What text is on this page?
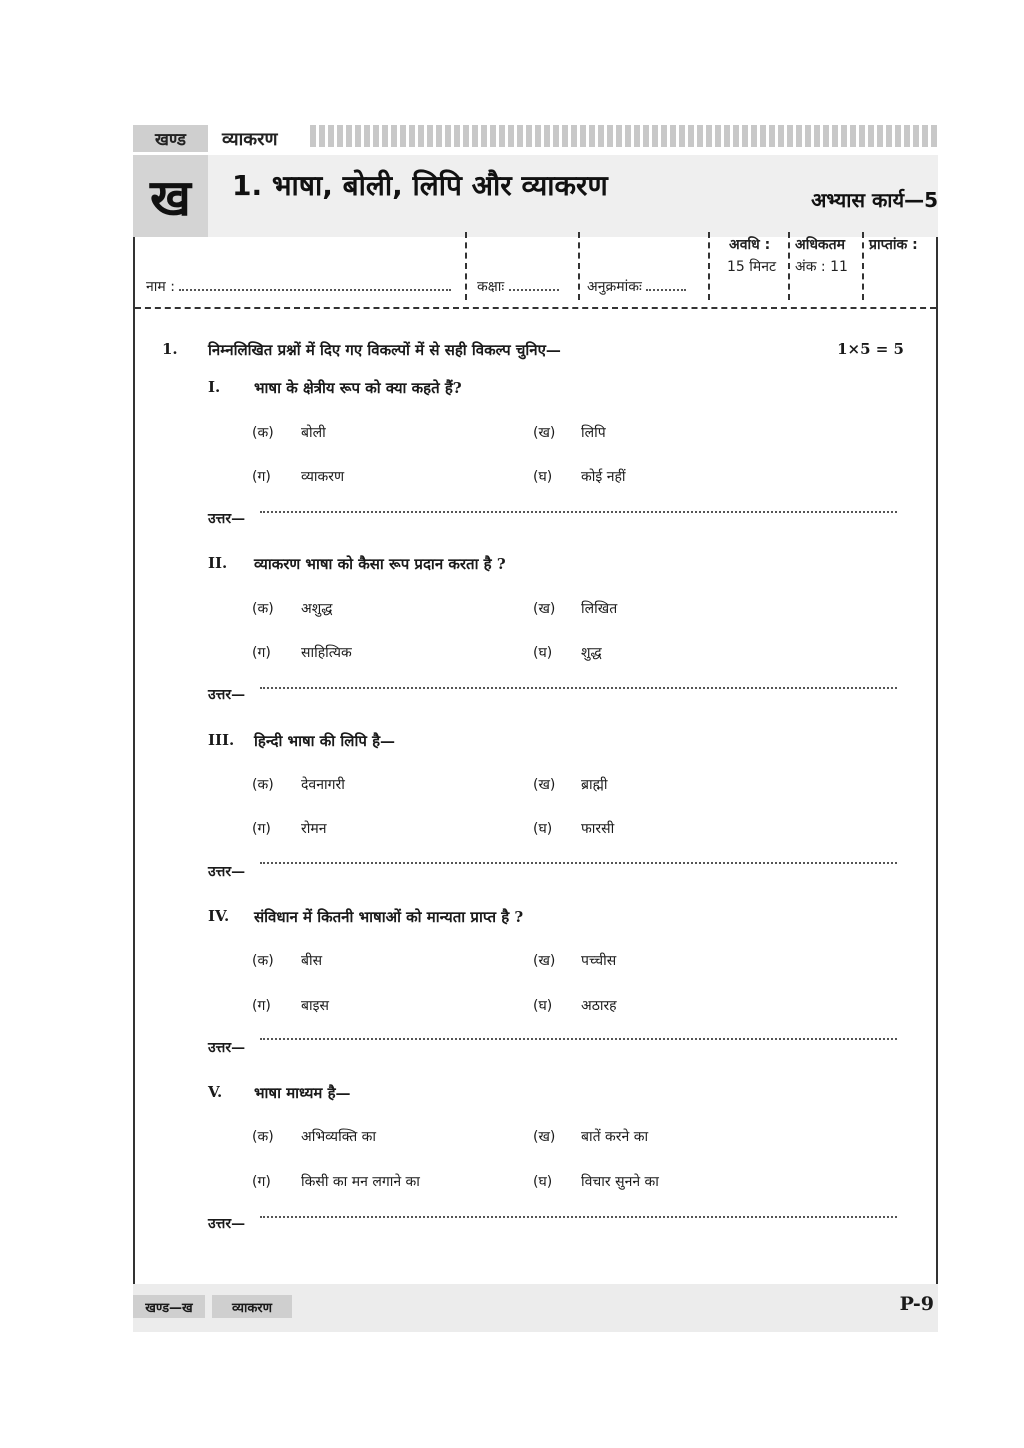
खण्ड	व्याकरण
ख	1. भाषा, बोली, लिपि और व्याकरण	अभ्यास कार्य—5
नाम :	कक्षाः	अनुक्रमांकः
अवधि :
15 मिनट
अधिकतम
अंक : 11
प्राप्तांक :
1. निम्नलिखित प्रश्नों में दिए गए विकल्पों में से सही विकल्प चुनिए—	1×5 = 5
I. भाषा के क्षेत्रीय रूप को क्या कहते हैं?
(क) बोली	(ख) लिपि
(ग) व्याकरण	(घ) कोई नहीं
उत्तर—
II. व्याकरण भाषा को कैसा रूप प्रदान करता है ?
(क) अशुद्ध	(ख) लिखित
(ग) साहित्यिक	(घ) शुद्ध
उत्तर—
III. हिन्दी भाषा की लिपि है—
(क) देवनागरी	(ख) ब्राह्मी
(ग) रोमन	(घ) फारसी
उत्तर—
IV. संविधान में कितनी भाषाओं को मान्यता प्राप्त है ?
(क) बीस	(ख) पच्चीस
(ग) बाइस	(घ) अठारह
उत्तर—
V. भाषा माध्यम है—
(क) अभिव्यक्ति का	(ख) बातें करने का
(ग) किसी का मन लगाने का	(घ) विचार सुनने का
उत्तर—
खण्ड—ख	व्याकरण	P-9
